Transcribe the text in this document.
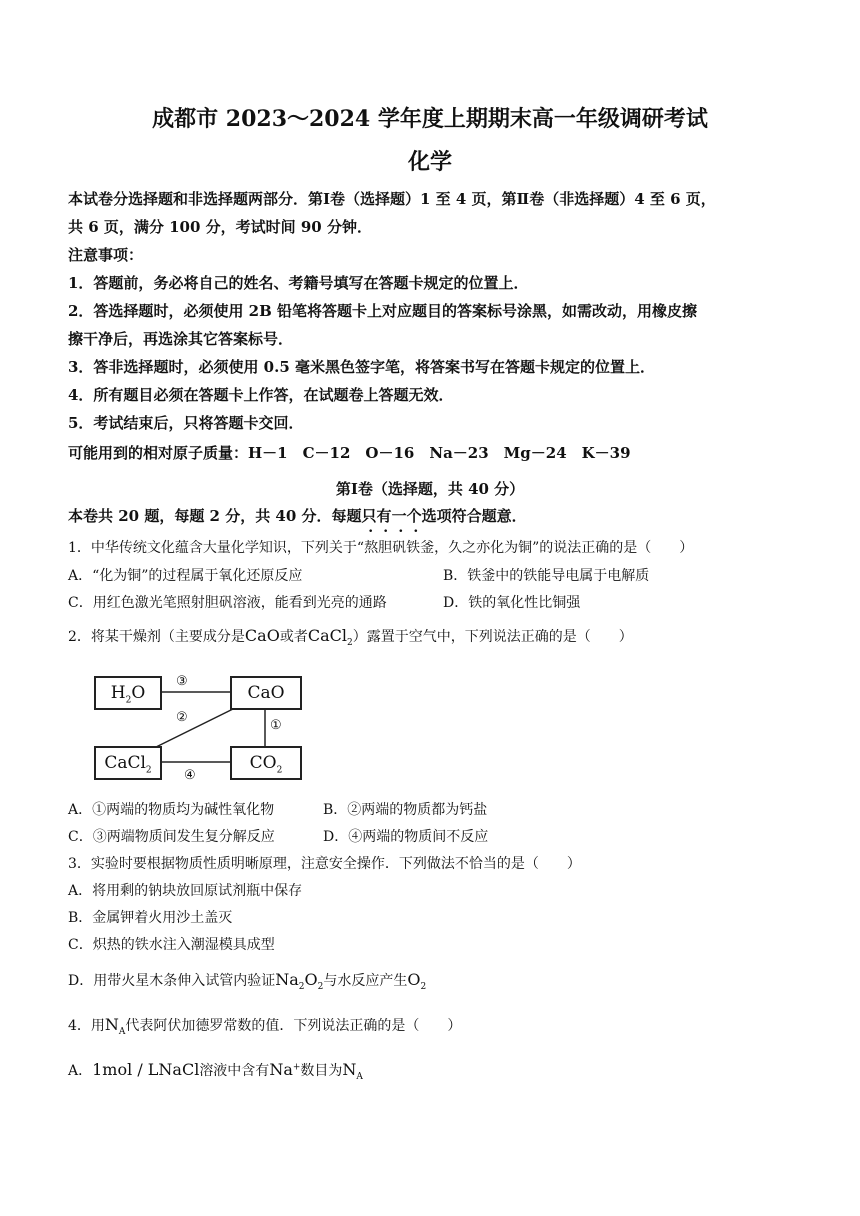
成都市 2023～2024 学年度上期期末高一年级调研考试
化学
本试卷分选择题和非选择题两部分．第Ⅰ卷（选择题）1 至 4 页，第Ⅱ卷（非选择题）4 至 6 页，
共 6 页，满分 100 分，考试时间 90 分钟．
注意事项：
1．答题前，务必将自己的姓名、考籍号填写在答题卡规定的位置上．
2．答选择题时，必须使用 2B 铅笔将答题卡上对应题目的答案标号涂黑，如需改动，用橡皮擦
擦干净后，再选涂其它答案标号．
3．答非选择题时，必须使用 0.5 毫米黑色签字笔，将答案书写在答题卡规定的位置上．
4．所有题目必须在答题卡上作答，在试题卷上答题无效．
5．考试结束后，只将答题卡交回．
可能用到的相对原子质量：H－1　C－12　O－16　Na－23　Mg－24　K－39
第Ⅰ卷（选择题，共 40 分）
本卷共 20 题，每题 2 分，共 40 分．每题只有一个选项符合题意．
1．中华传统文化蕴含大量化学知识，下列关于“熬胆矾铁釜，久之亦化为铜”的说法正确的是（　　）
A．“化为铜”的过程属于氧化还原反应	B．铁釜中的铁能导电属于电解质
C．用红色激光笔照射胆矾溶液，能看到光亮的通路	D．铁的氧化性比铜强
2．将某干燥剂（主要成分是CaO或者CaCl$_2$）露置于空气中，下列说法正确的是（　　）
$H_2O$	CaO
CaCl$_2$	$CO_2$
③
②
①
④
A．①两端的物质均为碱性氧化物	B．②两端的物质都为钙盐
C．③两端物质间发生复分解反应	D．④两端的物质间不反应
3．实验时要根据物质性质明晰原理，注意安全操作．下列做法不恰当的是（　　）
A．将用剩的钠块放回原试剂瓶中保存
B．金属钾着火用沙土盖灭
C．炽热的铁水注入潮湿模具成型
D．用带火星木条伸入试管内验证$Na_2O_2$与水反应产生$O_2$
4．用$N_A$代表阿伏加德罗常数的值．下列说法正确的是（　　）
A．1mol / LNaCl溶液中含有Na+数目为$N_A$
